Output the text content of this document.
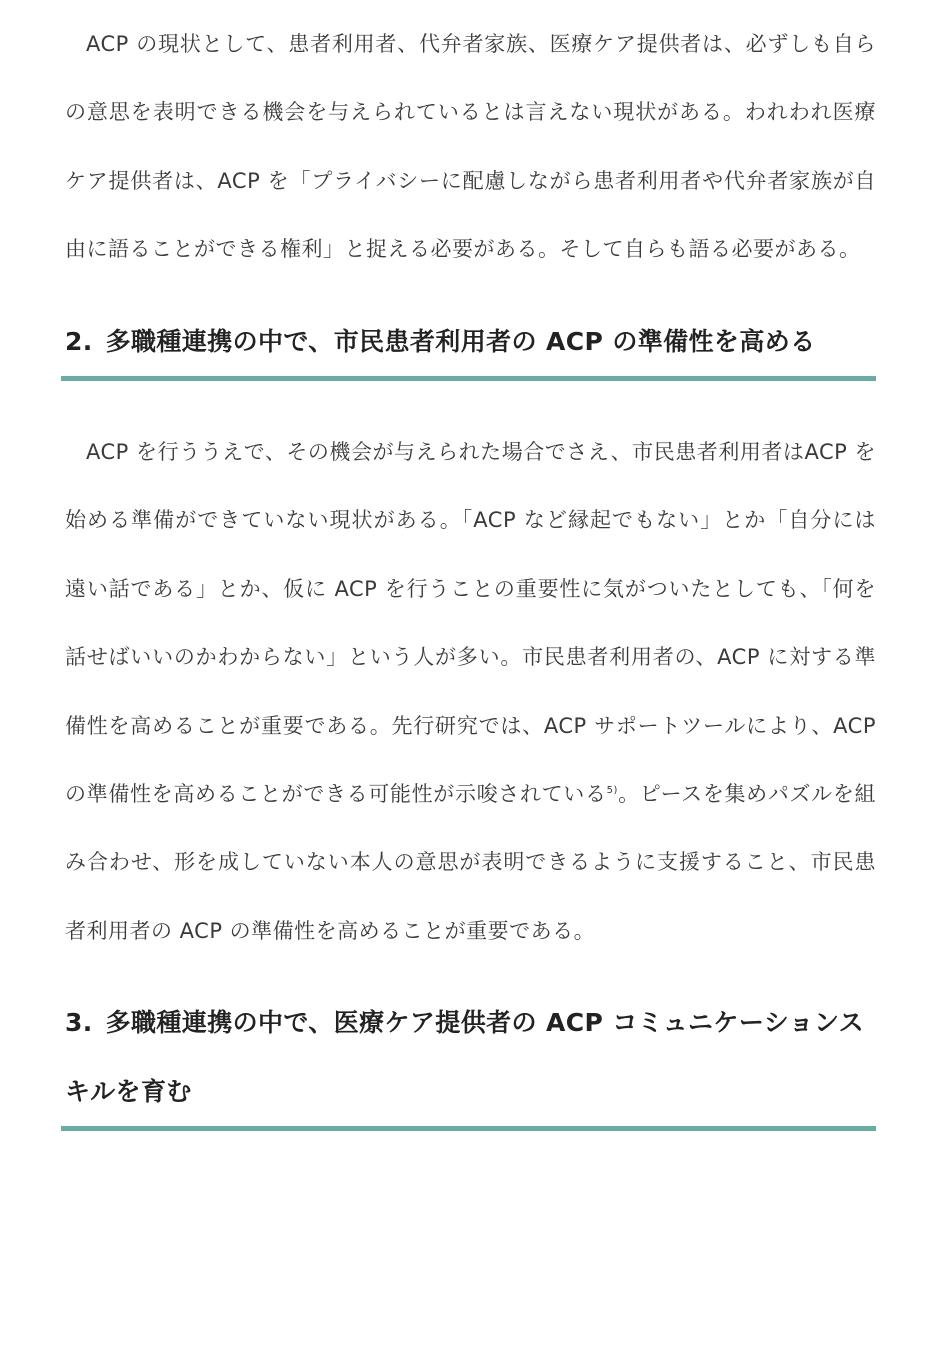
ACP の現状として、患者利用者、代弁者家族、医療ケア提供者は、必ずしも自らの意思を表明できる機会を与えられているとは言えない現状がある。われわれ医療ケア提供者は、ACP を「プライバシーに配慮しながら患者利用者や代弁者家族が自由に語ることができる権利」と捉える必要がある。そして自らも語る必要がある。

2.  多職種連携の中で、市民患者利用者の ACP の準備性を高める

ACP を行ううえで、その機会が与えられた場合でさえ、市民患者利用者はACP を始める準備ができていない現状がある。「ACP など縁起でもない」とか「自分には遠い話である」とか、仮に ACP を行うことの重要性に気がついたとしても、「何を話せばいいのかわからない」という人が多い。市民患者利用者の、ACP に対する準備性を高めることが重要である。先行研究では、ACP サポートツールにより、ACP の準備性を高めることができる可能性が示唆されている$^{5)}$。ピースを集めパズルを組み合わせ、形を成していない本人の意思が表明できるように支援すること、市民患者利用者の ACP の準備性を高めることが重要である。

3.  多職種連携の中で、医療ケア提供者の ACP コミュニケーションスキルを育む
